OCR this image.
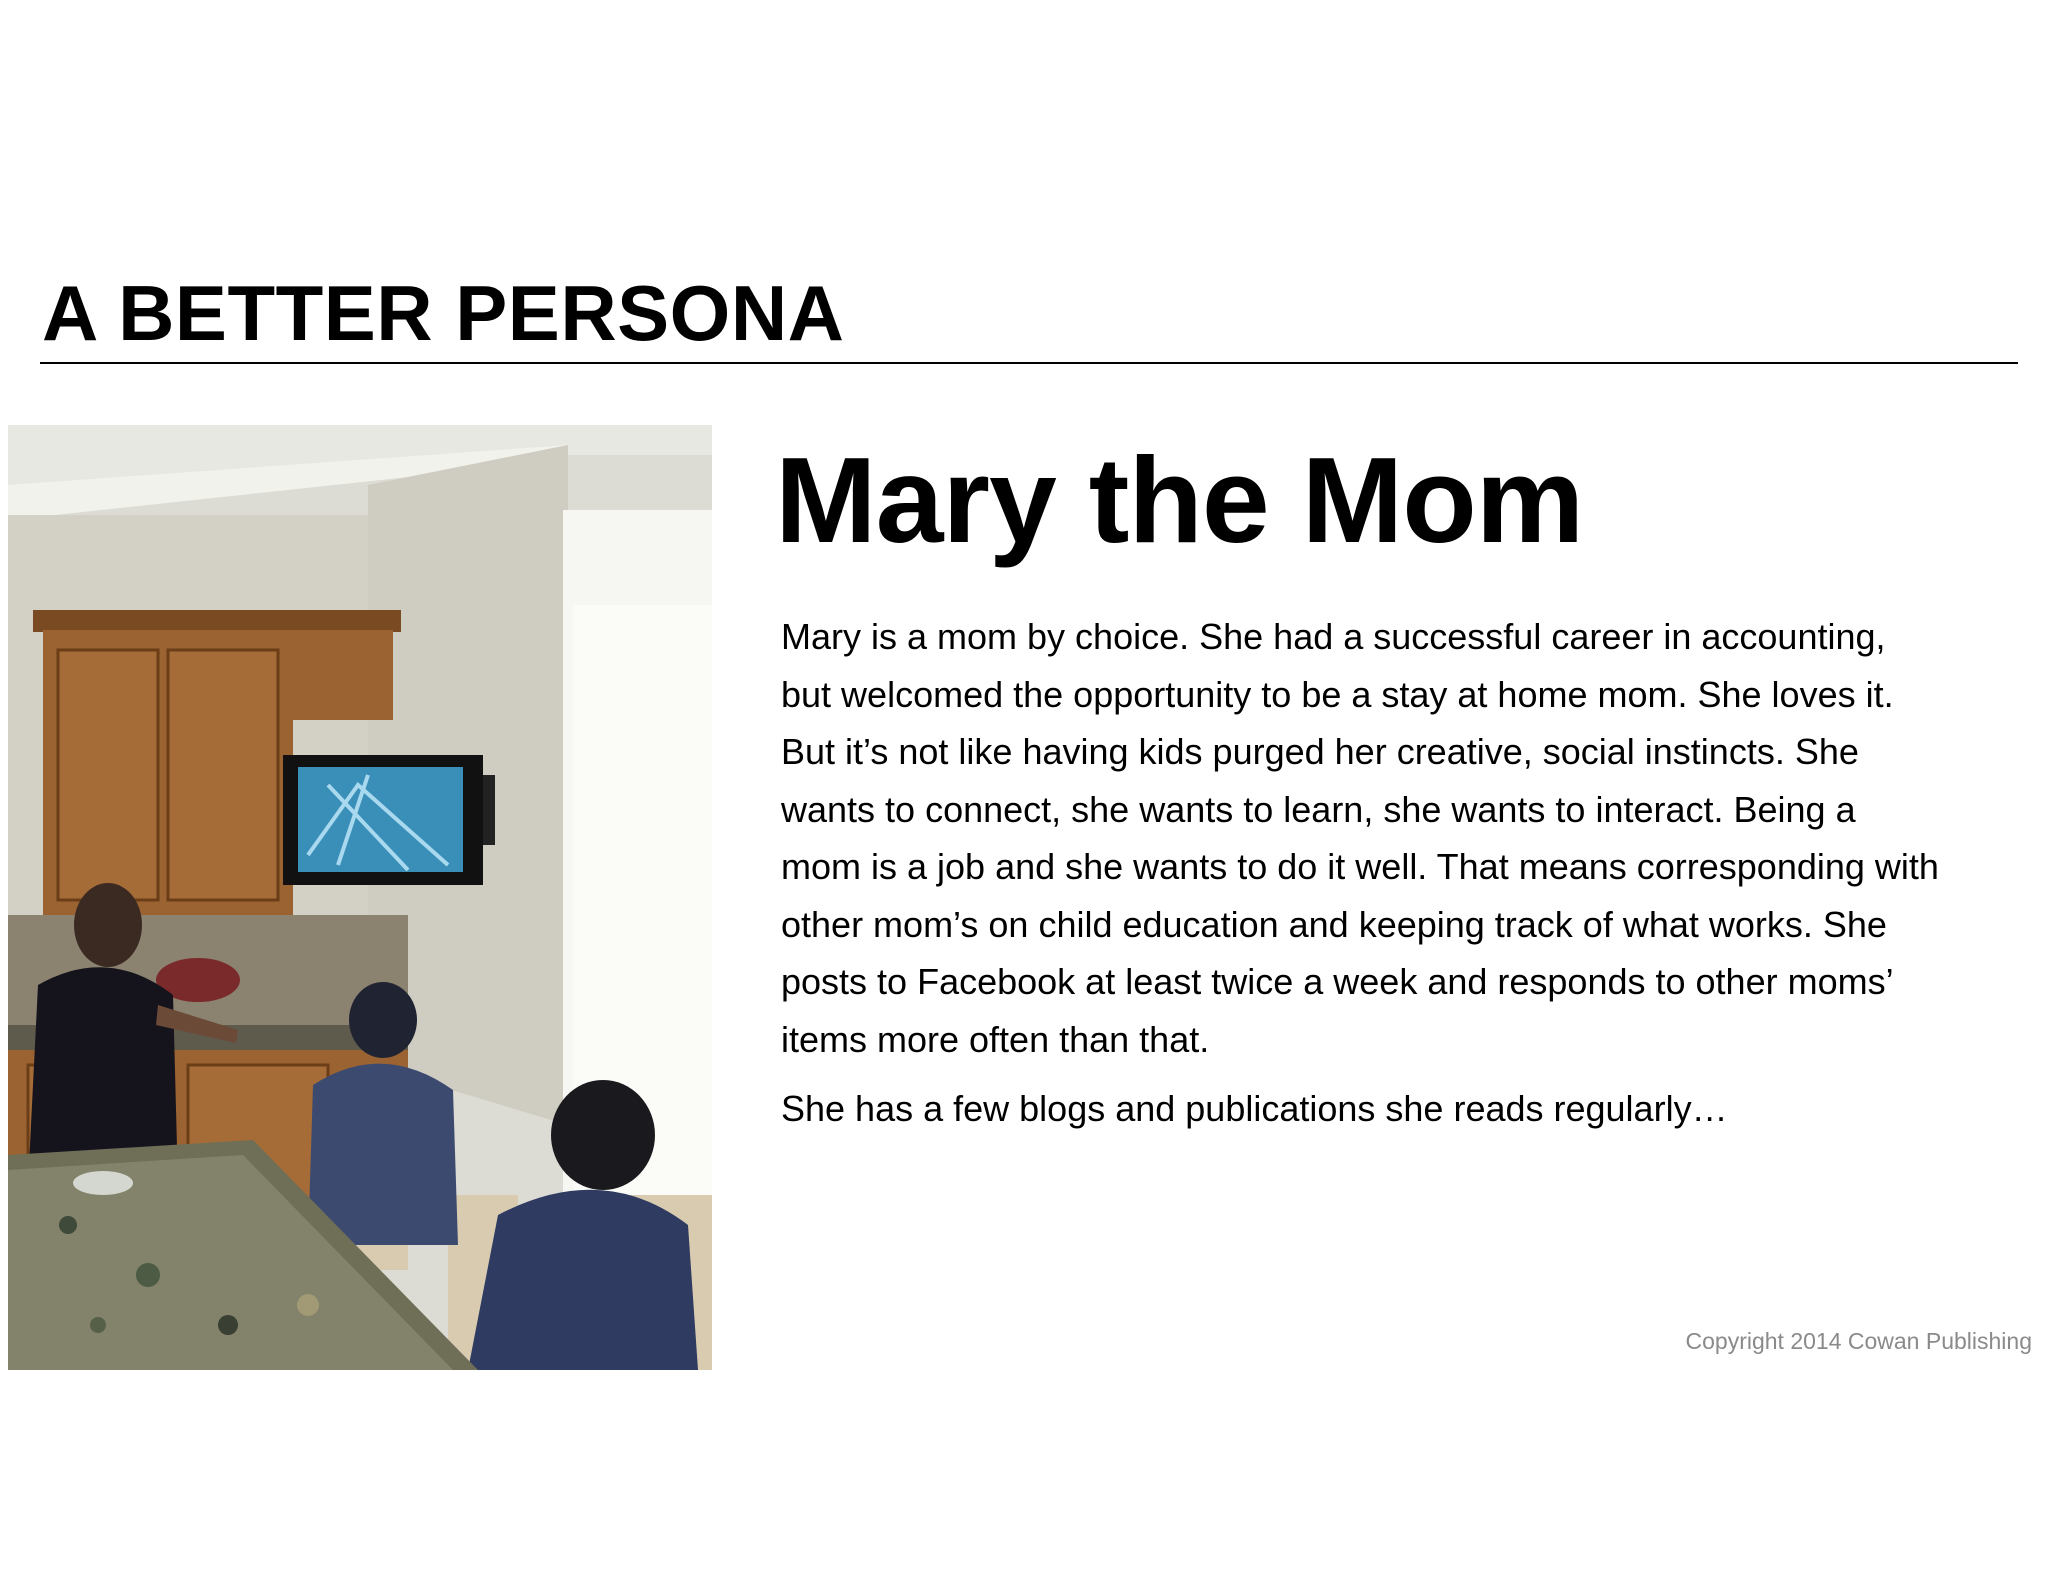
A BETTER PERSONA
Mary the Mom

Mary is a mom by choice. She had a successful career in accounting, but welcomed the opportunity to be a stay at home mom. She loves it. But it’s not like having kids purged her creative, social instincts. She wants to connect, she wants to learn, she wants to interact. Being a mom is a job and she wants to do it well. That means corresponding with other mom’s on child education and keeping track of what works. She posts to Facebook at least twice a week and responds to other moms’ items more often than that.

She has a few blogs and publications she reads regularly…

Copyright 2014 Cowan Publishing
